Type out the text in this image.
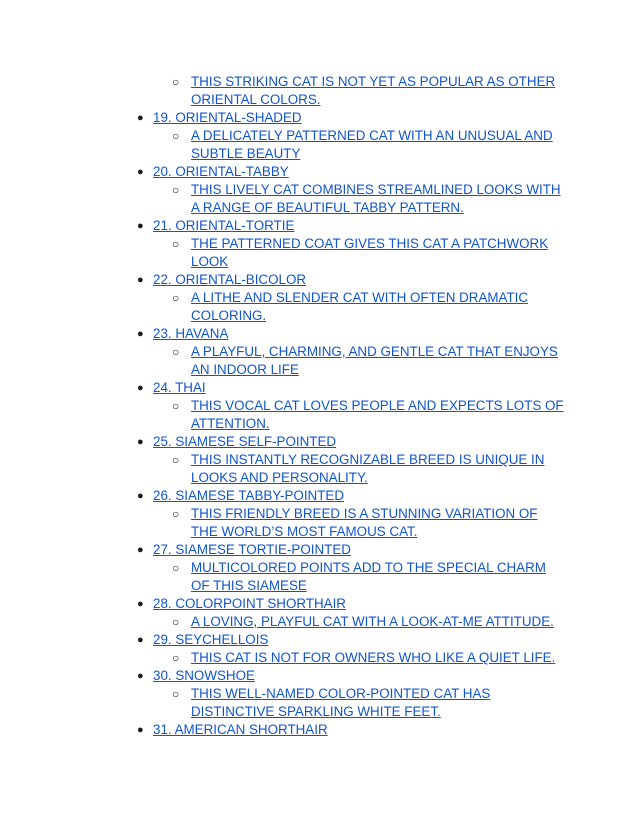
○ THIS STRIKING CAT IS NOT YET AS POPULAR AS OTHER ORIENTAL COLORS.
● 19. ORIENTAL-SHADED
○ A DELICATELY PATTERNED CAT WITH AN UNUSUAL AND SUBTLE BEAUTY
● 20. ORIENTAL-TABBY
○ THIS LIVELY CAT COMBINES STREAMLINED LOOKS WITH A RANGE OF BEAUTIFUL TABBY PATTERN.
● 21. ORIENTAL-TORTIE
○ THE PATTERNED COAT GIVES THIS CAT A PATCHWORK LOOK
● 22. ORIENTAL-BICOLOR
○ A LITHE AND SLENDER CAT WITH OFTEN DRAMATIC COLORING.
● 23. HAVANA
○ A PLAYFUL, CHARMING, AND GENTLE CAT THAT ENJOYS AN INDOOR LIFE
● 24. THAI
○ THIS VOCAL CAT LOVES PEOPLE AND EXPECTS LOTS OF ATTENTION.
● 25. SIAMESE SELF-POINTED
○ THIS INSTANTLY RECOGNIZABLE BREED IS UNIQUE IN LOOKS AND PERSONALITY.
● 26. SIAMESE TABBY-POINTED
○ THIS FRIENDLY BREED IS A STUNNING VARIATION OF THE WORLD’S MOST FAMOUS CAT.
● 27. SIAMESE TORTIE-POINTED
○ MULTICOLORED POINTS ADD TO THE SPECIAL CHARM OF THIS SIAMESE
● 28. COLORPOINT SHORTHAIR
○ A LOVING, PLAYFUL CAT WITH A LOOK-AT-ME ATTITUDE.
● 29. SEYCHELLOIS
○ THIS CAT IS NOT FOR OWNERS WHO LIKE A QUIET LIFE.
● 30. SNOWSHOE
○ THIS WELL-NAMED COLOR-POINTED CAT HAS DISTINCTIVE SPARKLING WHITE FEET.
● 31. AMERICAN SHORTHAIR
